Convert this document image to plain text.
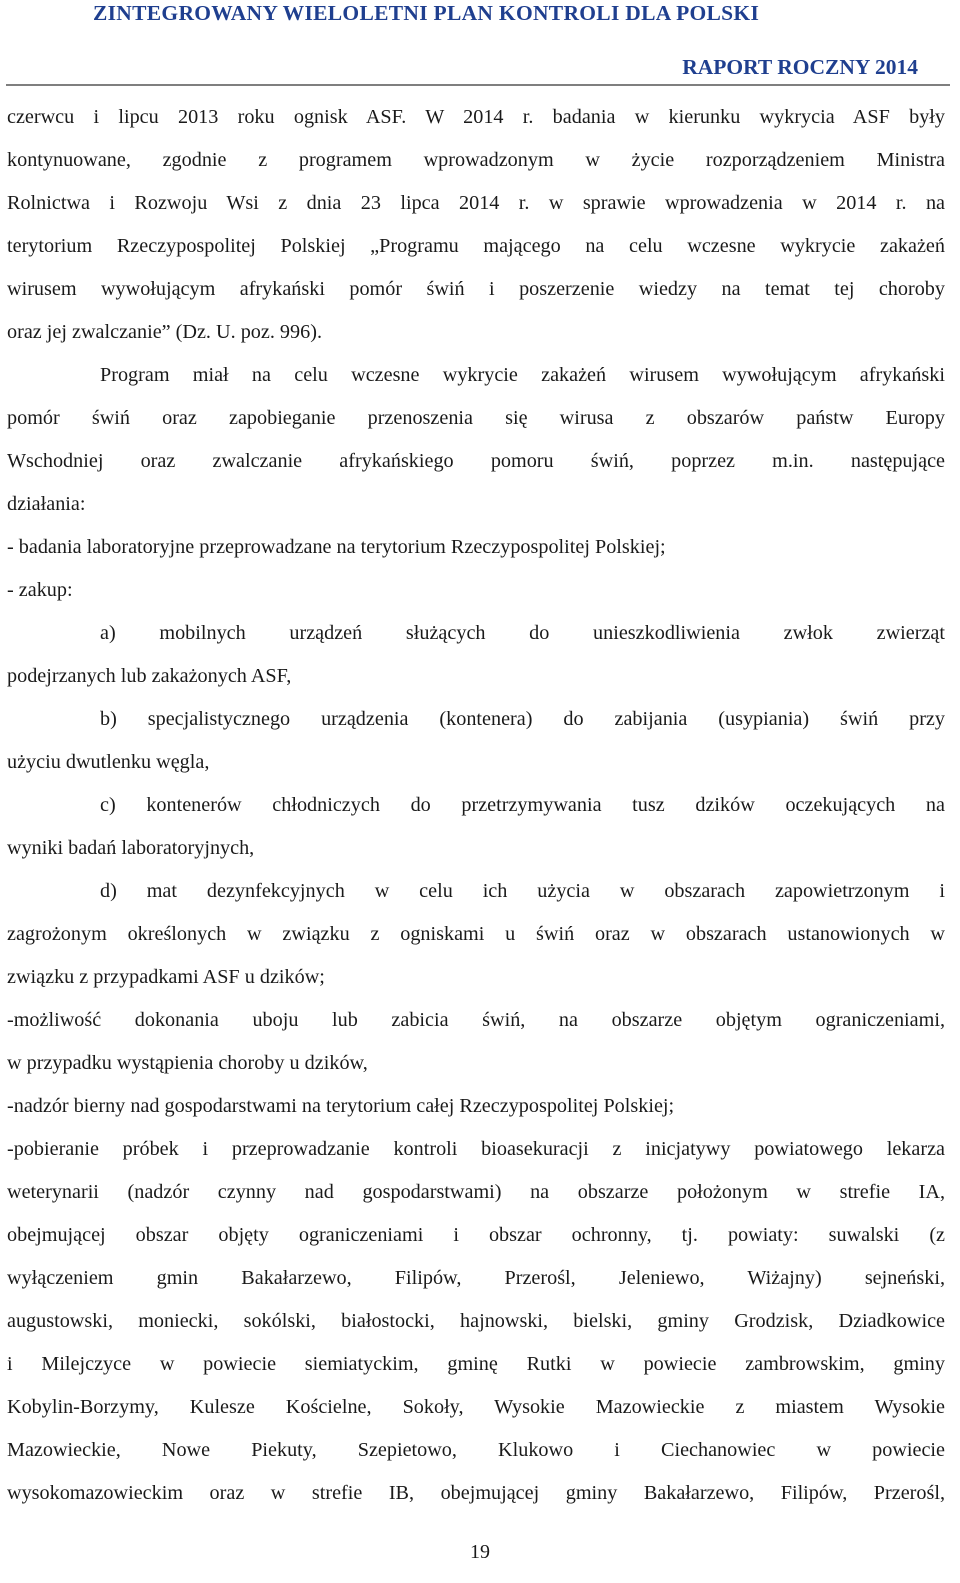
ZINTEGROWANY WIELOLETNI PLAN KONTROLI DLA POLSKI
RAPORT ROCZNY 2014
czerwcu i lipcu 2013 roku ognisk ASF. W 2014 r. badania w kierunku wykrycia ASF były
kontynuowane, zgodnie z programem wprowadzonym w życie rozporządzeniem Ministra
Rolnictwa i Rozwoju Wsi z dnia 23 lipca 2014 r. w sprawie wprowadzenia w 2014 r. na
terytorium Rzeczypospolitej Polskiej „Programu mającego na celu wczesne wykrycie zakażeń
wirusem wywołującym afrykański pomór świń i poszerzenie wiedzy na temat tej choroby
oraz jej zwalczanie” (Dz. U. poz. 996).
Program miał na celu wczesne wykrycie zakażeń wirusem wywołującym afrykański
pomór świń oraz zapobieganie przenoszenia się wirusa z obszarów państw Europy
Wschodniej oraz zwalczanie afrykańskiego pomoru świń, poprzez m.in. następujące
działania:
- badania laboratoryjne przeprowadzane na terytorium Rzeczypospolitej Polskiej;
- zakup:
a) mobilnych urządzeń służących do unieszkodliwienia zwłok zwierząt
podejrzanych lub zakażonych ASF,
b) specjalistycznego urządzenia (kontenera) do zabijania (usypiania) świń przy
użyciu dwutlenku węgla,
c) kontenerów chłodniczych do przetrzymywania tusz dzików oczekujących na
wyniki badań laboratoryjnych,
d) mat dezynfekcyjnych w celu ich użycia w obszarach zapowietrzonym i
zagrożonym określonych w związku z ogniskami u świń oraz w obszarach ustanowionych w
związku z przypadkami ASF u dzików;
-możliwość dokonania uboju lub zabicia świń, na obszarze objętym ograniczeniami,
w przypadku wystąpienia choroby u dzików,
-nadzór bierny nad gospodarstwami na terytorium całej Rzeczypospolitej Polskiej;
-pobieranie próbek i przeprowadzanie kontroli bioasekuracji z inicjatywy powiatowego lekarza
weterynarii (nadzór czynny nad gospodarstwami) na obszarze położonym w strefie IA,
obejmującej obszar objęty ograniczeniami i obszar ochronny, tj. powiaty: suwalski (z
wyłączeniem gmin Bakałarzewo, Filipów, Przerośl, Jeleniewo, Wiżajny) sejneński,
augustowski, moniecki, sokólski, białostocki, hajnowski, bielski, gminy Grodzisk, Dziadkowice
i Milejczyce w powiecie siemiatyckim, gminę Rutki w powiecie zambrowskim, gminy
Kobylin-Borzymy, Kulesze Kościelne, Sokoły, Wysokie Mazowieckie z miastem Wysokie
Mazowieckie, Nowe Piekuty, Szepietowo, Klukowo i Ciechanowiec w powiecie
wysokomazowieckim oraz w strefie IB, obejmującej gminy Bakałarzewo, Filipów, Przerośl,
19
